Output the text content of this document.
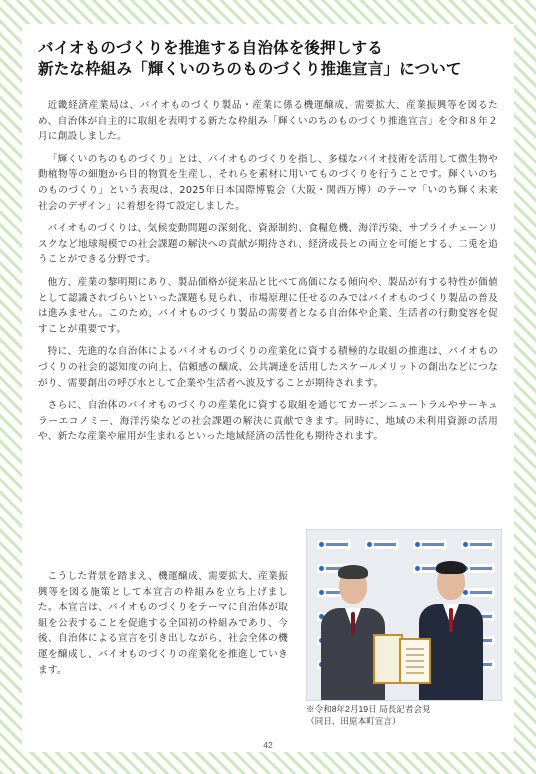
バイオものづくりを推進する自治体を後押しする
新たな枠組み「輝くいのちのものづくり推進宣言」について

近畿経済産業局は、バイオものづくり製品・産業に係る機運醸成、需要拡大、産業振興等を図るため、自治体が自主的に取組を表明する新たな枠組み「輝くいのちのものづくり推進宣言」を令和８年２月に創設しました。

「輝くいのちのものづくり」とは、バイオものづくりを指し、多様なバイオ技術を活用して微生物や動植物等の細胞から目的物質を生産し、それらを素材に用いてものづくりを行うことです。輝くいのちのものづくり」という表現は、2025年日本国際博覧会（大阪・関西万博）のテーマ「いのち輝く未来社会のデザイン」に着想を得て設定しました。

バイオものづくりは、気候変動問題の深刻化、資源制約、食糧危機、海洋汚染、サプライチェーンリスクなど地球規模での社会課題の解決への貢献が期待され、経済成長との両立を可能とする、二兎を追うことができる分野です。

他方、産業の黎明期にあり、製品価格が従来品と比べて高価になる傾向や、製品が有する特性が価値として認識されづらいといった課題も見られ、市場原理に任せるのみではバイオものづくり製品の普及は進みません。このため、バイオものづくり製品の需要者となる自治体や企業、生活者の行動変容を促すことが重要です。

特に、先進的な自治体によるバイオものづくりの産業化に資する積極的な取組の推進は、バイオものづくりの社会的認知度の向上、信頼感の醸成、公共調達を活用したスケールメリットの創出などにつながり、需要創出の呼び水として企業や生活者へ波及することが期待されます。

さらに、自治体のバイオものづくりの産業化に資する取組を通じてカーボンニュートラルやサーキュラーエコノミー、海洋汚染などの社会課題の解決に貢献できます。同時に、地域の未利用資源の活用や、新たな産業や雇用が生まれるといった地域経済の活性化も期待されます。

こうした背景を踏まえ、機運醸成、需要拡大、産業振興等を図る施策として本宣言の枠組みを立ち上げました。本宣言は、バイオものづくりをテーマに自治体が取組を公表することを促進する全国初の枠組みであり、今後、自治体による宣言を引き出しながら、社会全体の機運を醸成し、バイオものづくりの産業化を推進していきます。

※令和8年2月19日 局長記者会見
（同日、田原本町宣言）
42
